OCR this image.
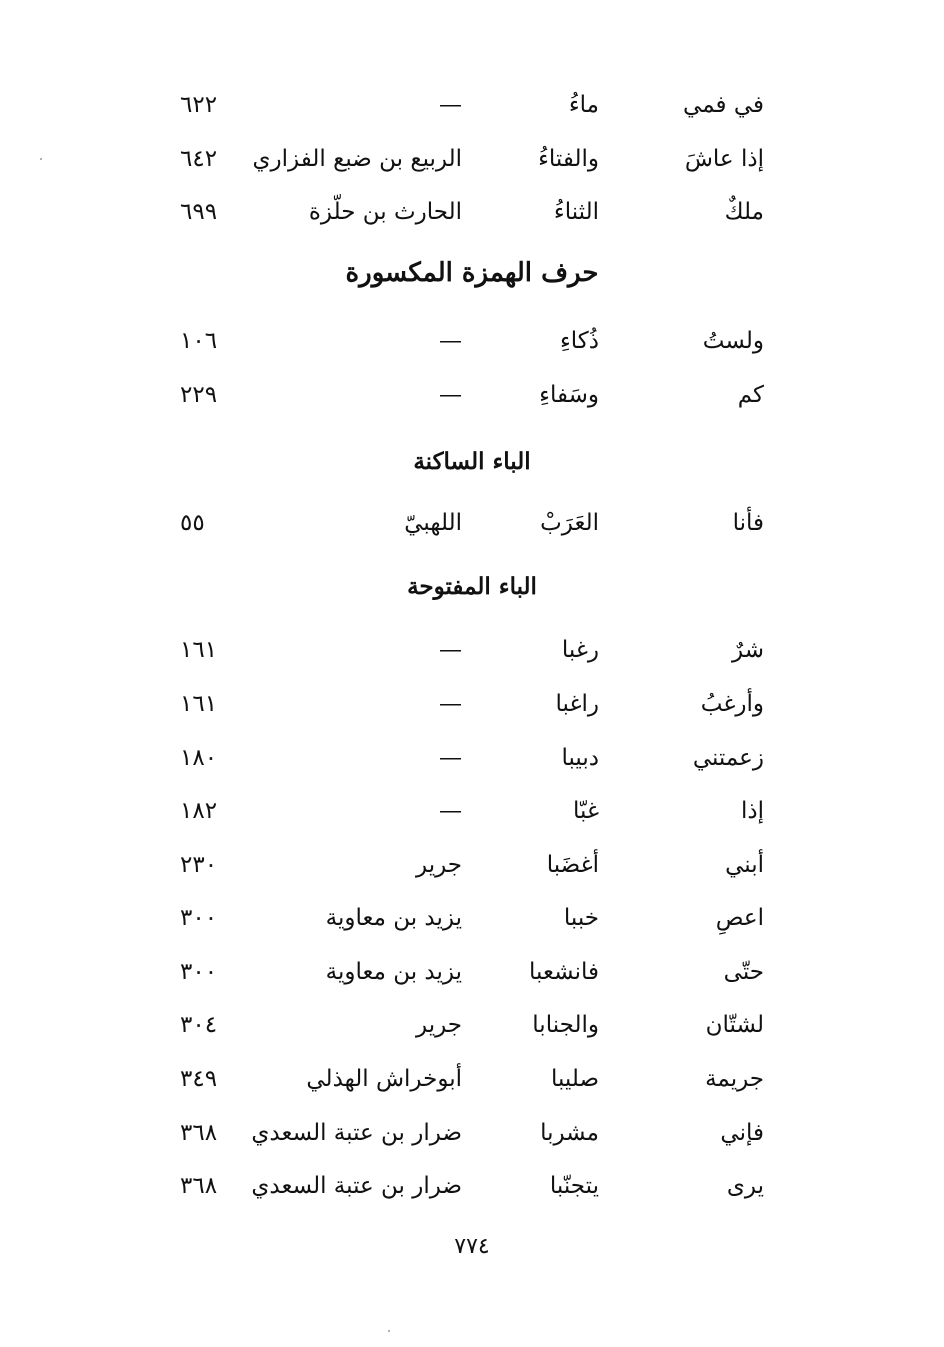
في فمي
ماءُ
—
٦٢٢
إذا عاشَ
والفتاءُ
الربيع بن ضبع الفزاري
٦٤٢
ملكٌ
الثناءُ
الحارث بن حلّزة
٦٩٩
حرف الهمزة المكسورة
ولستُ
ذُكاءِ
—
١٠٦
كم
وسَفاءِ
—
٢٢٩
الباء الساكنة
فأنا
العَرَبْ
اللهبيّ
٥٥
الباء المفتوحة
شرٌ
رغبا
—
١٦١
وأرغبُ
راغبا
—
١٦١
زعمتني
دبيبا
—
١٨٠
إذا
غبّا
—
١٨٢
أبني
أغضَبا
جرير
٢٣٠
اعصِ
خببا
يزيد بن معاوية
٣٠٠
حتّى
فانشعبا
يزيد بن معاوية
٣٠٠
لشتّان
والجنابا
جرير
٣٠٤
جريمة
صليبا
أبوخراش الهذلي
٣٤٩
فإني
مشربا
ضرار بن عتبة السعدي
٣٦٨
يرى
يتجنّبا
ضرار بن عتبة السعدي
٣٦٨
٧٧٤
